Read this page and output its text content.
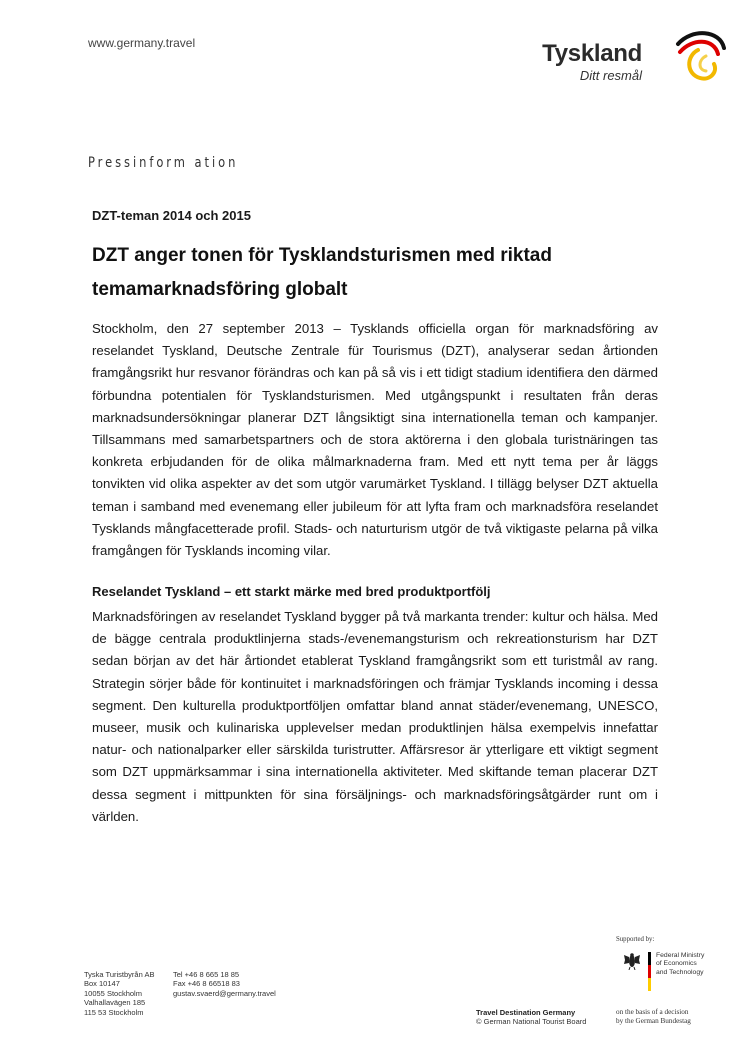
www.germany.travel	Tyskland
Ditt resmål
Pressinform ation
DZT-teman 2014 och 2015
DZT anger tonen för Tysklandsturismen med riktad temamarknadsföring globalt
Stockholm, den 27 september 2013 – Tysklands officiella organ för marknadsföring av reselandet Tyskland, Deutsche Zentrale für Tourismus (DZT), analyserar sedan årtionden framgångsrikt hur resvanor förändras och kan på så vis i ett tidigt stadium identifiera den därmed förbundna potentialen för Tysklandsturismen. Med utgångspunkt i resultaten från deras marknadsundersökningar planerar DZT långsiktigt sina internationella teman och kampanjer. Tillsammans med samarbetspartners och de stora aktörerna i den globala turistnäringen tas konkreta erbjudanden för de olika målmarknaderna fram. Med ett nytt tema per år läggs tonvikten vid olika aspekter av det som utgör varumärket Tyskland. I tillägg belyser DZT aktuella teman i samband med evenemang eller jubileum för att lyfta fram och marknadsföra reselandet Tysklands mångfacetterade profil. Stads- och naturturism utgör de två viktigaste pelarna på vilka framgången för Tysklands incoming vilar.
Reselandet Tyskland – ett starkt märke med bred produktportfölj
Marknadsföringen av reselandet Tyskland bygger på två markanta trender: kultur och hälsa. Med de bägge centrala produktlinjerna stads-/evenemangsturism och rekreationsturism har DZT sedan början av det här årtiondet etablerat Tyskland framgångsrikt som ett turistmål av rang. Strategin sörjer både för kontinuitet i marknadsföringen och främjar Tysklands incoming i dessa segment. Den kulturella produktportföljen omfattar bland annat städer/evenemang, UNESCO, museer, musik och kulinariska upplevelser medan produktlinjen hälsa exempelvis innefattar natur- och nationalparker eller särskilda turistrutter. Affärsresor är ytterligare ett viktigt segment som DZT uppmärksammar i sina internationella aktiviteter. Med skiftande teman placerar DZT dessa segment i mittpunkten för sina försäljnings- och marknadsföringsåtgärder runt om i världen.
Tyska Turistbyrån AB
Box 10147
10055 Stockholm
Valhallavägen 185
115 53 Stockholm
Tel +46 8 665 18 85
Fax +46 8 66518 83
gustav.svaerd@germany.travel
Travel Destination Germany
© German National Tourist Board
Supported by:
Federal Ministry
of Economics
and Technology
on the basis of a decision
by the German Bundestag
